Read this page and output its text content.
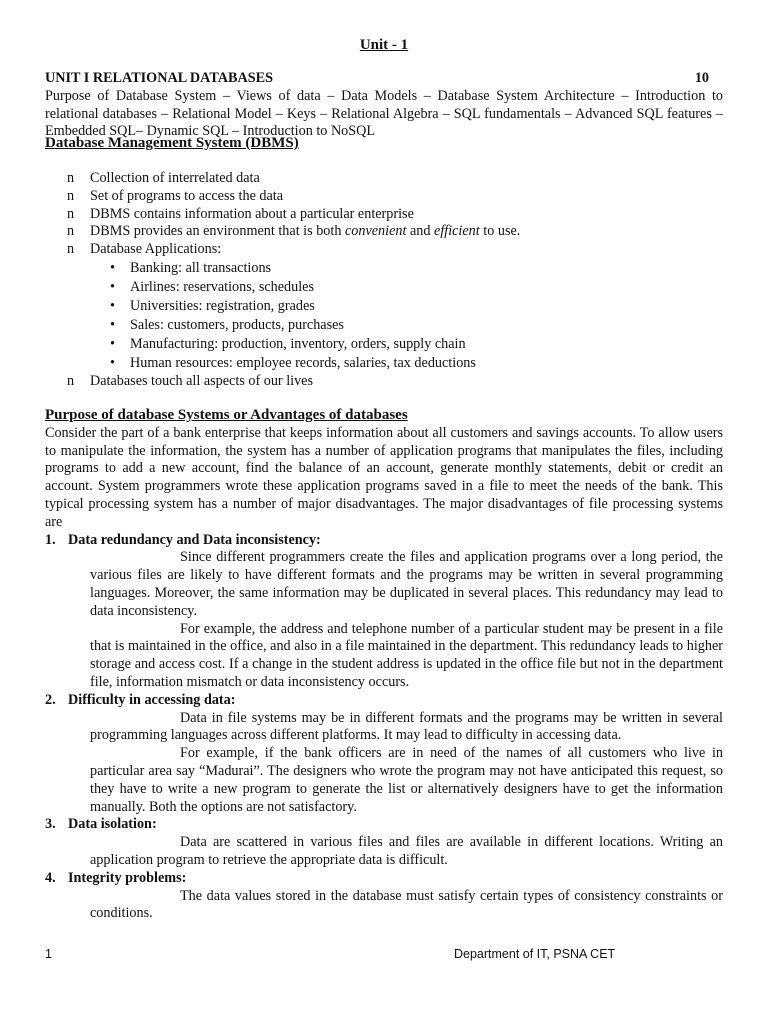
Unit - 1
UNIT I RELATIONAL DATABASES	10
Purpose of Database System – Views of data – Data Models – Database System Architecture – Introduction to relational databases – Relational Model – Keys – Relational Algebra – SQL fundamentals – Advanced SQL features – Embedded SQL– Dynamic SQL – Introduction to NoSQL
Database Management System (DBMS)
n	Collection of interrelated data
n	Set of programs to access the data
n	DBMS contains information about a particular enterprise
n	DBMS provides an environment that is both convenient and efficient to use.
n	Database Applications:
•	Banking: all transactions
•	Airlines: reservations, schedules
•	Universities: registration, grades
•	Sales: customers, products, purchases
•	Manufacturing: production, inventory, orders, supply chain
•	Human resources: employee records, salaries, tax deductions
n	Databases touch all aspects of our lives
Purpose of database Systems or Advantages of databases

Consider the part of a bank enterprise that keeps information about all customers and savings accounts. To allow users to manipulate the information, the system has a number of application programs that manipulates the files, including programs to add a new account, find the balance of an account, generate monthly statements, debit or credit an account. System programmers wrote these application programs saved in a file to meet the needs of the bank. This typical processing system has a number of major disadvantages. The major disadvantages of file processing systems are

1. Data redundancy and Data inconsistency:

Since different programmers create the files and application programs over a long period, the various files are likely to have different formats and the programs may be written in several programming languages. Moreover, the same information may be duplicated in several places. This redundancy may lead to data inconsistency.

For example, the address and telephone number of a particular student may be present in a file that is maintained in the office, and also in a file maintained in the department. This redundancy leads to higher storage and access cost. If a change in the student address is updated in the office file but not in the department file, information mismatch or data inconsistency occurs.

2. Difficulty in accessing data:

Data in file systems may be in different formats and the programs may be written in several programming languages across different platforms. It may lead to difficulty in accessing data.

For example, if the bank officers are in need of the names of all customers who live in particular area say “Madurai”. The designers who wrote the program may not have anticipated this request, so they have to write a new program to generate the list or alternatively designers have to get the information manually. Both the options are not satisfactory.

3. Data isolation:

Data are scattered in various files and files are available in different locations. Writing an application program to retrieve the appropriate data is difficult.

4. Integrity problems:

The data values stored in the database must satisfy certain types of consistency constraints or conditions.

1	Department of IT, PSNA CET
